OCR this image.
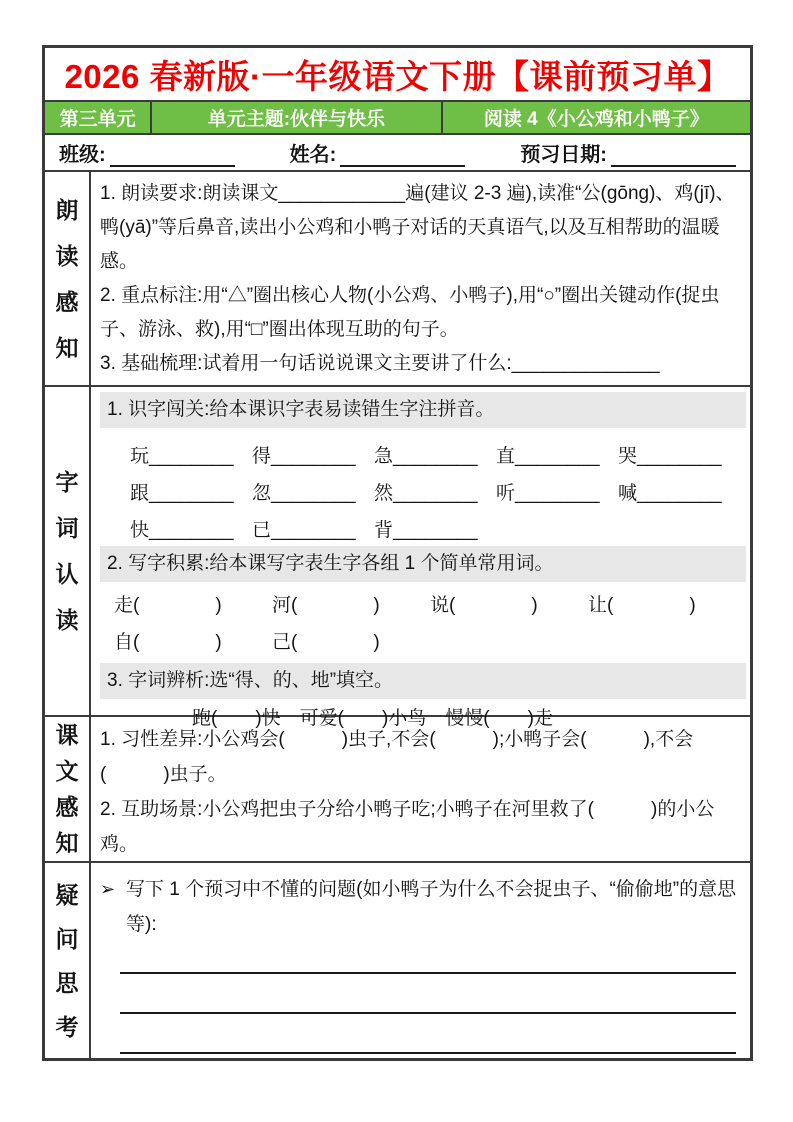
2026 春新版·一年级语文下册【课前预习单】
第三单元	单元主题:伙伴与快乐	阅读 4《小公鸡和小鸭子》
班级:	姓名:	预习日期:
朗读感知

1. 朗读要求:朗读课文____________遍(建议 2-3 遍),读准“公(gōng)、鸡(jī)、鸭(yā)”等后鼻音,读出小公鸡和小鸭子对话的天真语气,以及互相帮助的温暖感。

2. 重点标注:用“△”圈出核心人物(小公鸡、小鸭子),用“○”圈出关键动作(捉虫子、游泳、救),用“□”圈出体现互助的句子。

3. 基础梳理:试着用一句话说说课文主要讲了什么:______________

字词认读
1. 识字闯关:给本课识字表易读错生字注拼音。
玩________ 得________ 急________ 直________ 哭________
跟________ 忽________ 然________ 听________ 喊________
快________ 已________ 背________
2. 写字积累:给本课写字表生字各组 1 个简单常用词。
走(　　　　)	河(　　　　)	说(　　　　)	让(　　　　)
自(　　　　)	己(　　　　)
3. 字词辨析:选“得、的、地”填空。
跑(　　)快　可爱(　　)小鸟　慢慢(　　)走
课文感知

1. 习性差异:小公鸡会(　　　)虫子,不会(　　　);小鸭子会(　　　),不会(　　　)虫子。

2. 互助场景:小公鸡把虫子分给小鸭子吃;小鸭子在河里救了(　　　)的小公鸡。

疑问思考
➢ 写下 1 个预习中不懂的问题(如小鸭子为什么不会捉虫子、“偷偷地”的意思等):
